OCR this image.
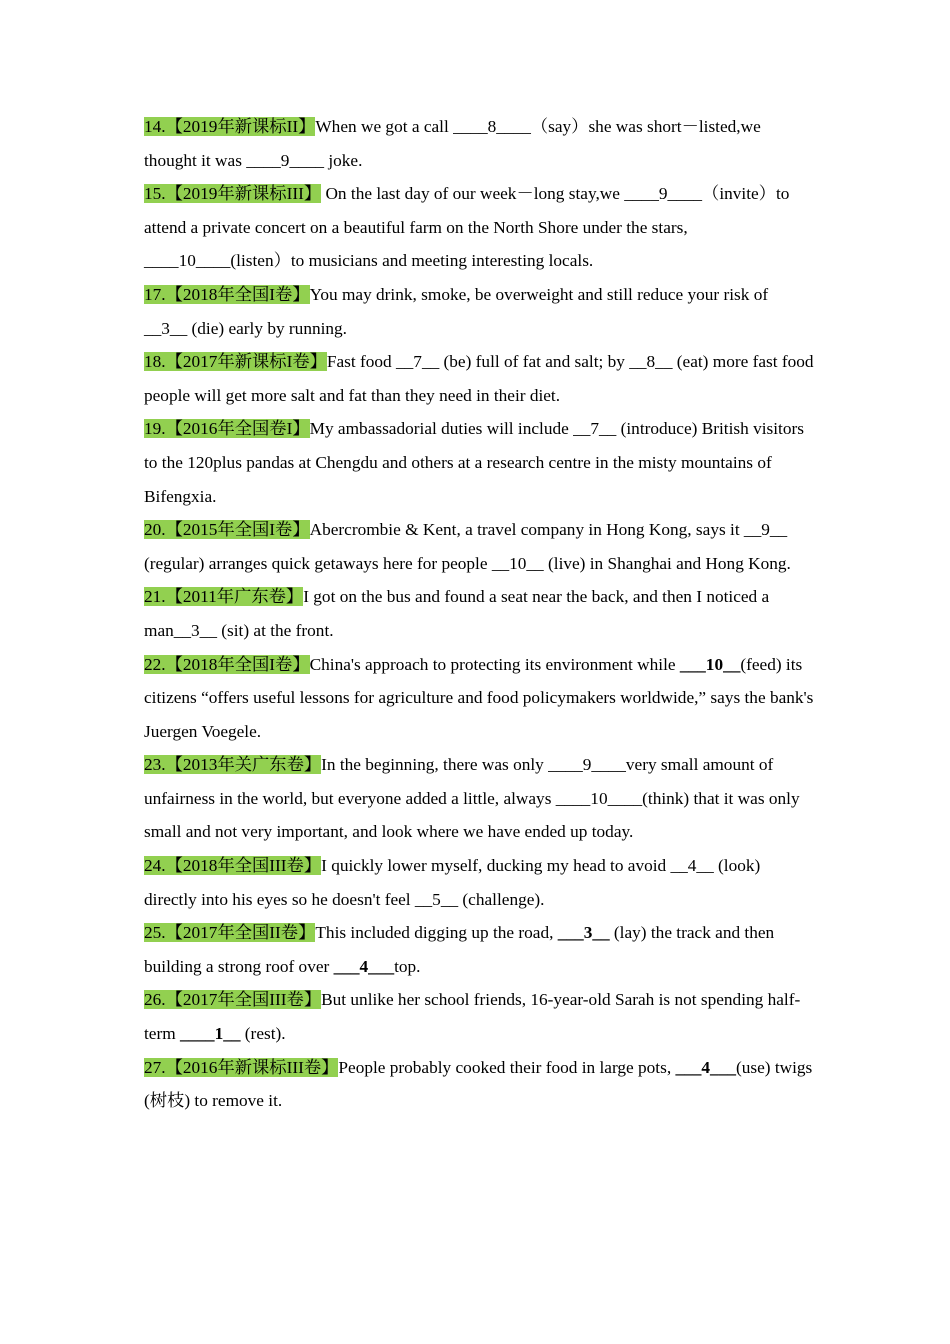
14.【2019年新课标II】When we got a call ____8____（say）she was short－listed,we thought it was ____9____ joke.

15.【2019年新课标III】 On the last day of our week－long stay,we ____9____（invite）to attend a private concert on a beautiful farm on the North Shore under the stars, ____10____(listen）to musicians and meeting interesting locals.

17.【2018年全国I卷】You may drink, smoke, be overweight and still reduce your risk of __3__ (die) early by running.

18.【2017年新课标I卷】Fast food __7__ (be) full of fat and salt; by __8__ (eat) more fast food people will get more salt and fat than they need in their diet.

19.【2016年全国卷I】My ambassadorial duties will include __7__ (introduce) British visitors to the 120plus pandas at Chengdu and others at a research centre in the misty mountains of Bifengxia.

20.【2015年全国I卷】Abercrombie & Kent, a travel company in Hong Kong, says it __9__ (regular) arranges quick getaways here for people __10__ (live) in Shanghai and Hong Kong.

21.【2011年广东卷】I got on the bus and found a seat near the back, and then I noticed a man__3__ (sit) at the front.

22.【2018年全国I卷】China's approach to protecting its environment while ___10__(feed) its citizens “offers useful lessons for agriculture and food policymakers worldwide,” says the bank's Juergen Voegele.

23.【2013年关广东卷】In the beginning, there was only ____9____very small amount of unfairness in the world, but everyone added a little, always ____10____(think) that it was only small and not very important, and look where we have ended up today.

24.【2018年全国III卷】I quickly lower myself, ducking my head to avoid __4__ (look) directly into his eyes so he doesn't feel __5__ (challenge).

25.【2017年全国II卷】This included digging up the road, ___3__ (lay) the track and then building a strong roof over ___4___top.

26.【2017年全国III卷】But unlike her school friends, 16-year-old Sarah is not spending half-term ____1__ (rest).

27.【2016年新课标III卷】People probably cooked their food in large pots, ___4___(use) twigs (树枝) to remove it.
